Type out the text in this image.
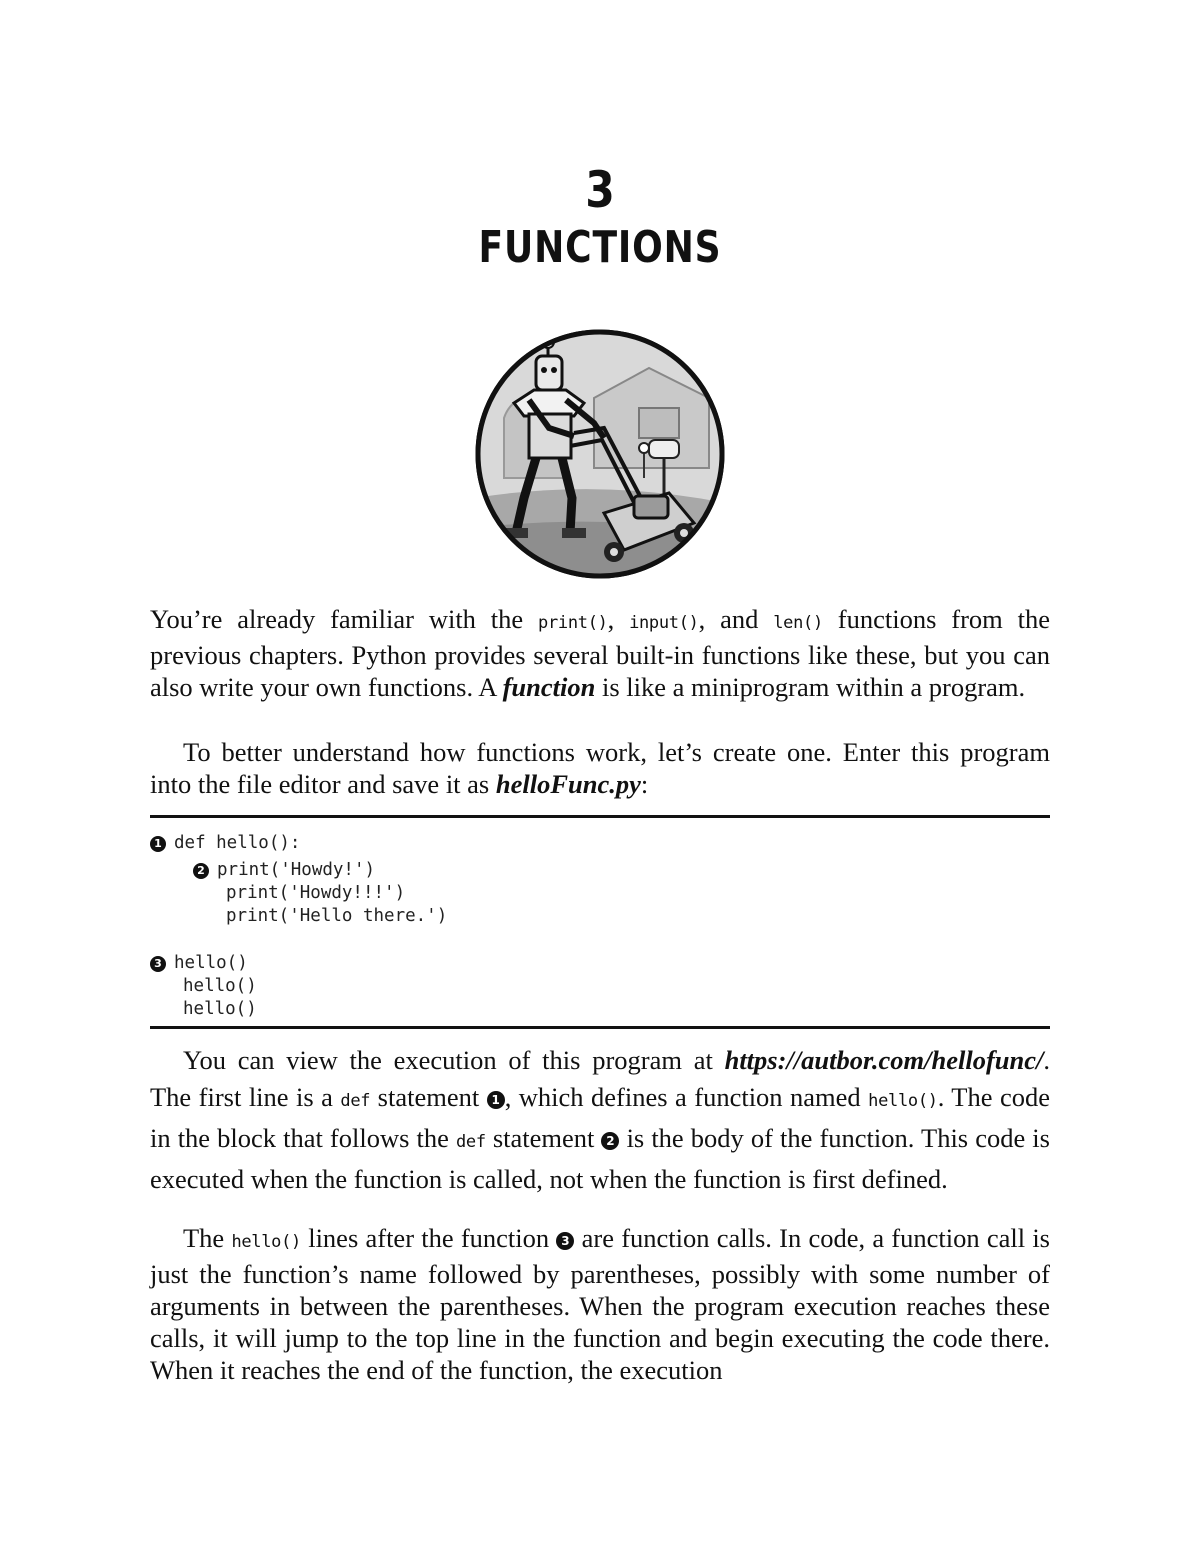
3
FUNCTIONS

You’re already familiar with the print(), input(), and len() functions from the previous chapters. Python provides several built-in functions like these, but you can also write your own functions. A function is like a miniprogram within a program.

To better understand how functions work, let’s create one. Enter this program into the file editor and save it as helloFunc.py:

1 def hello():
2 print('Howdy!')
print('Howdy!!!')
print('Hello there.')
3 hello()
hello()
hello()

You can view the execution of this program at https://autbor.com/hellofunc/. The first line is a def statement 1 , which defines a function named hello(). The code in the block that follows the def statement 2 is the body of the function. This code is executed when the function is called, not when the function is first defined.

The hello() lines after the function 3 are function calls. In code, a function call is just the function’s name followed by parentheses, possibly with some number of arguments in between the parentheses. When the program execution reaches these calls, it will jump to the top line in the function and begin executing the code there. When it reaches the end of the function, the execution
